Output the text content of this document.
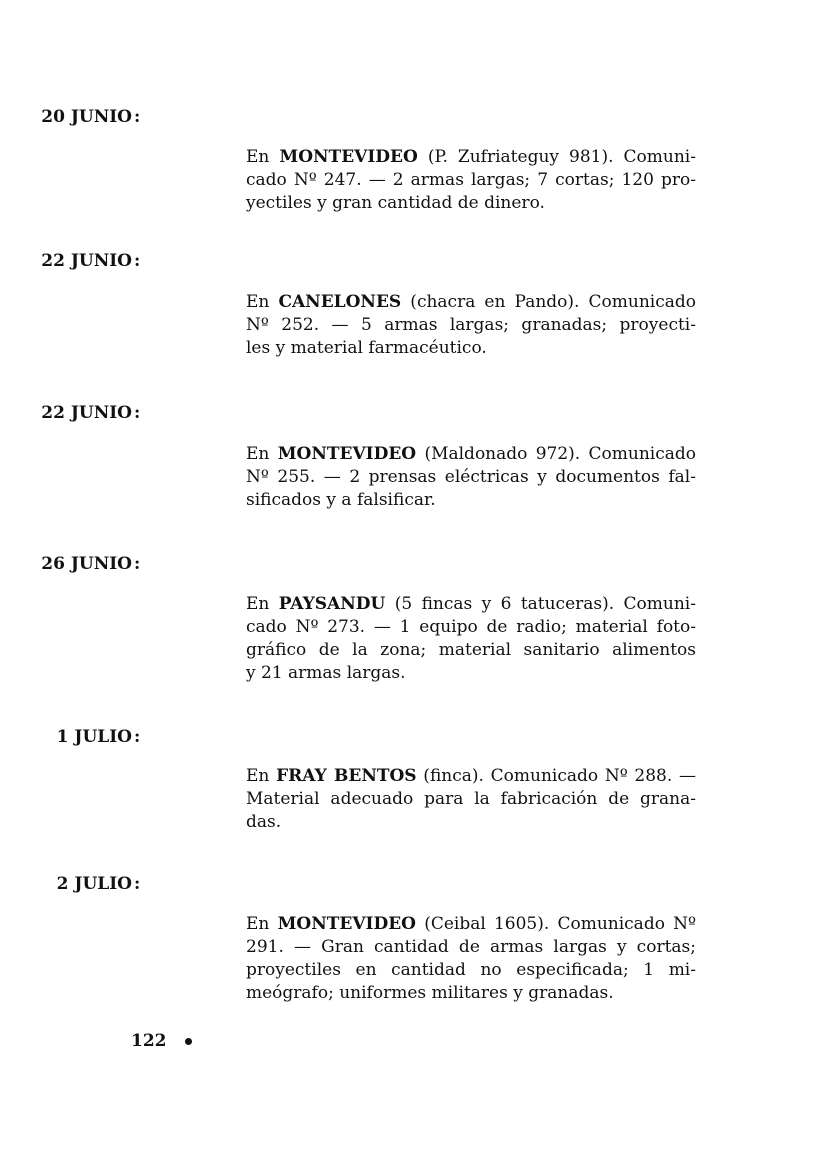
20 JUNIO :
En MONTEVIDEO (P. Zufriateguy 981). Comuni-
cado Nº 247. — 2 armas largas; 7 cortas; 120 pro-
yectiles y gran cantidad de dinero.
22 JUNIO :
En CANELONES (chacra en Pando). Comunicado
Nº 252. — 5 armas largas; granadas; proyecti-
les y material farmacéutico.
22 JUNIO :
En MONTEVIDEO (Maldonado 972). Comunicado
Nº 255. — 2 prensas eléctricas y documentos fal-
sificados y a falsificar.
26 JUNIO :
En PAYSANDU (5 fincas y 6 tatuceras). Comuni-
cado Nº 273. — 1 equipo de radio; material foto-
gráfico de la zona; material sanitario alimentos
y 21 armas largas.
1 JULIO :
En FRAY BENTOS (finca). Comunicado Nº 288. —
Material adecuado para la fabricación de grana-
das.
2 JULIO :
En MONTEVIDEO (Ceibal 1605). Comunicado Nº
291. — Gran cantidad de armas largas y cortas;
proyectiles en cantidad no especificada; 1 mi-
meógrafo; uniformes militares y granadas.
122
